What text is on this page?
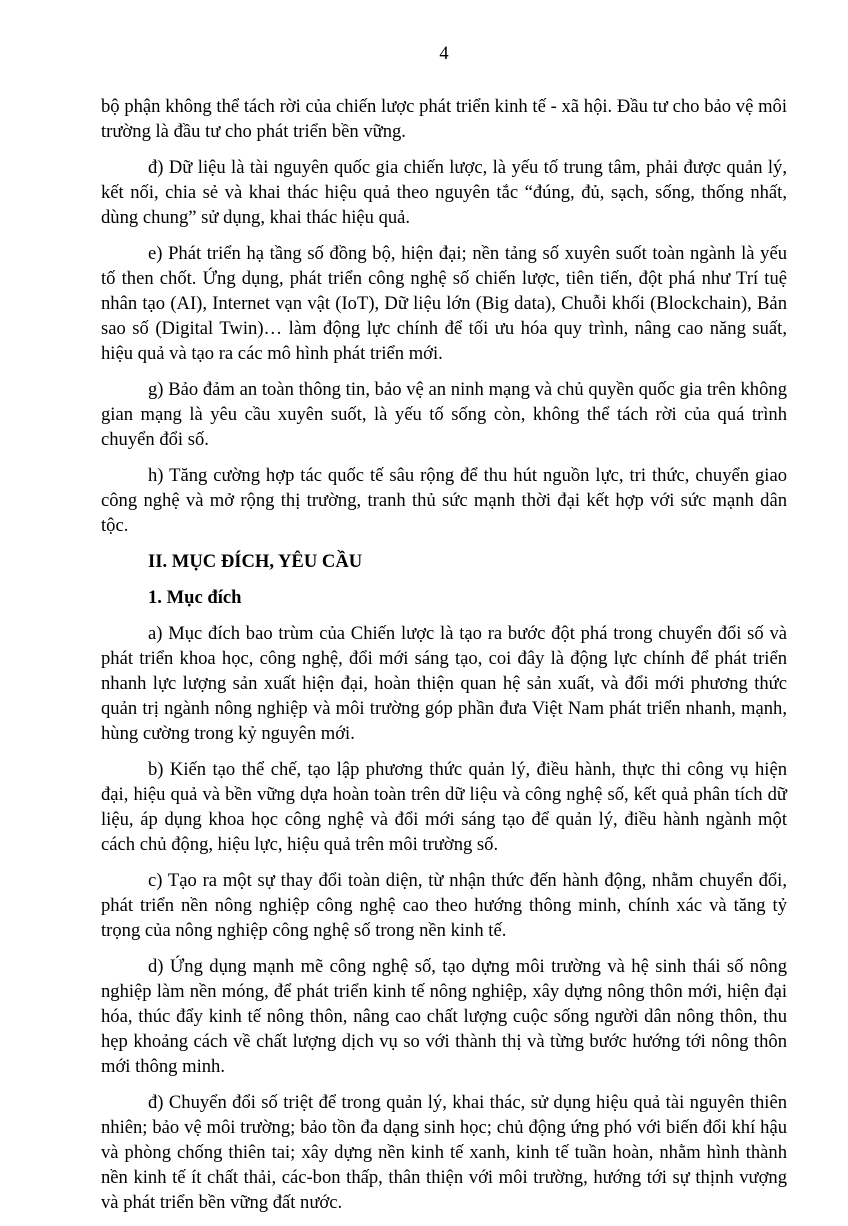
4

bộ phận không thể tách rời của chiến lược phát triển kinh tế - xã hội. Đầu tư cho bảo vệ môi trường là đầu tư cho phát triển bền vững.

đ) Dữ liệu là tài nguyên quốc gia chiến lược, là yếu tố trung tâm, phải được quản lý, kết nối, chia sẻ và khai thác hiệu quả theo nguyên tắc “đúng, đủ, sạch, sống, thống nhất, dùng chung” sử dụng, khai thác hiệu quả.

e) Phát triển hạ tầng số đồng bộ, hiện đại; nền tảng số xuyên suốt toàn ngành là yếu tố then chốt. Ứng dụng, phát triển công nghệ số chiến lược, tiên tiến, đột phá như Trí tuệ nhân tạo (AI), Internet vạn vật (IoT), Dữ liệu lớn (Big data), Chuỗi khối (Blockchain), Bản sao số (Digital Twin)… làm động lực chính để tối ưu hóa quy trình, nâng cao năng suất, hiệu quả và tạo ra các mô hình phát triển mới.

g) Bảo đảm an toàn thông tin, bảo vệ an ninh mạng và chủ quyền quốc gia trên không gian mạng là yêu cầu xuyên suốt, là yếu tố sống còn, không thể tách rời của quá trình chuyển đổi số.

h) Tăng cường hợp tác quốc tế sâu rộng để thu hút nguồn lực, tri thức, chuyển giao công nghệ và mở rộng thị trường, tranh thủ sức mạnh thời đại kết hợp với sức mạnh dân tộc.

II. MỤC ĐÍCH, YÊU CẦU

1. Mục đích

a) Mục đích bao trùm của Chiến lược là tạo ra bước đột phá trong chuyển đổi số và phát triển khoa học, công nghệ, đổi mới sáng tạo, coi đây là động lực chính để phát triển nhanh lực lượng sản xuất hiện đại, hoàn thiện quan hệ sản xuất, và đổi mới phương thức quản trị ngành nông nghiệp và môi trường góp phần đưa Việt Nam phát triển nhanh, mạnh, hùng cường trong kỷ nguyên mới.

b) Kiến tạo thể chế, tạo lập phương thức quản lý, điều hành, thực thi công vụ hiện đại, hiệu quả và bền vững dựa hoàn toàn trên dữ liệu và công nghệ số, kết quả phân tích dữ liệu, áp dụng khoa học công nghệ và đổi mới sáng tạo để quản lý, điều hành ngành một cách chủ động, hiệu lực, hiệu quả trên môi trường số.

c) Tạo ra một sự thay đổi toàn diện, từ nhận thức đến hành động, nhằm chuyển đổi, phát triển nền nông nghiệp công nghệ cao theo hướng thông minh, chính xác và tăng tỷ trọng của nông nghiệp công nghệ số trong nền kinh tế.

d) Ứng dụng mạnh mẽ công nghệ số, tạo dựng môi trường và hệ sinh thái số nông nghiệp làm nền móng, để phát triển kinh tế nông nghiệp, xây dựng nông thôn mới, hiện đại hóa, thúc đẩy kinh tế nông thôn, nâng cao chất lượng cuộc sống người dân nông thôn, thu hẹp khoảng cách về chất lượng dịch vụ so với thành thị và từng bước hướng tới nông thôn mới thông minh.

đ) Chuyển đổi số triệt để trong quản lý, khai thác, sử dụng hiệu quả tài nguyên thiên nhiên; bảo vệ môi trường; bảo tồn đa dạng sinh học; chủ động ứng phó với biến đổi khí hậu và phòng chống thiên tai; xây dựng nền kinh tế xanh, kinh tế tuần hoàn, nhằm hình thành nền kinh tế ít chất thải, các-bon thấp, thân thiện với môi trường, hướng tới sự thịnh vượng và phát triển bền vững đất nước.
